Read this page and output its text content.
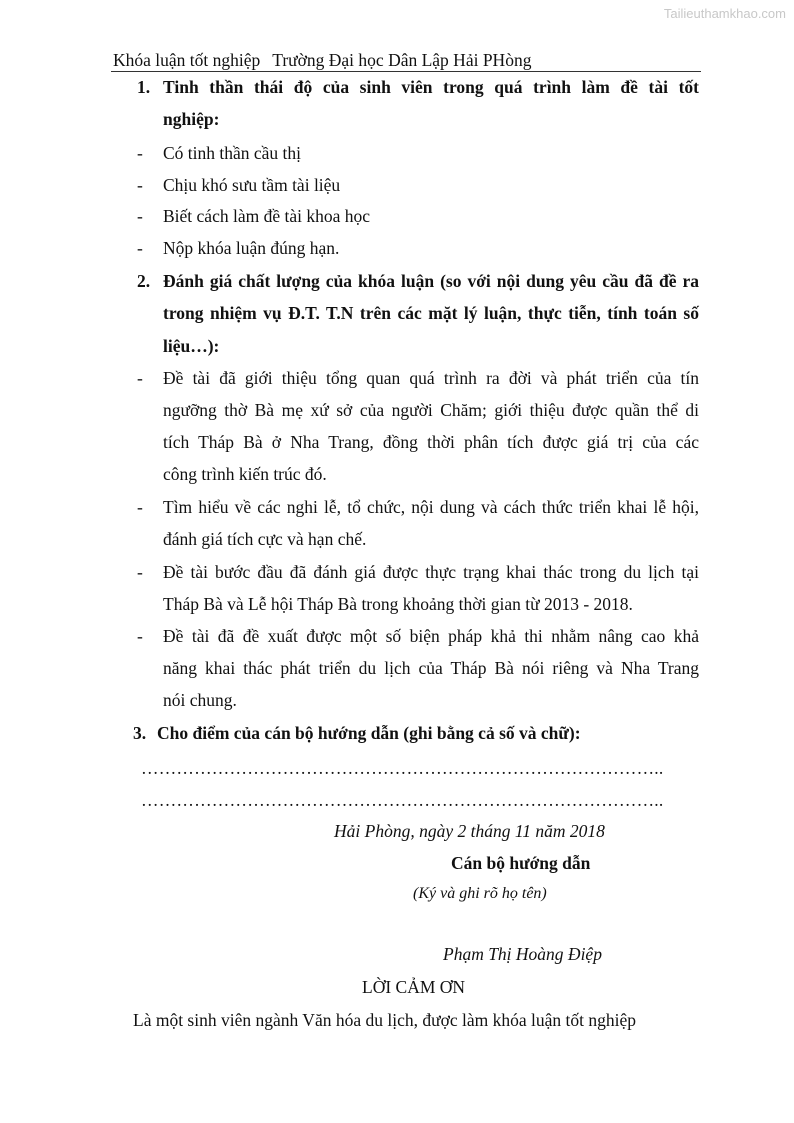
Tailieuthamkhao.com
Khóa luận tốt nghiệp Trường Đại học Dân Lập Hải PHòng
1. Tinh thần thái độ của sinh viên trong quá trình làm đề tài tốt
nghiệp:
- Có tinh thần cầu thị
- Chịu khó sưu tầm tài liệu
- Biết cách làm đề tài khoa học
- Nộp khóa luận đúng hạn.
2. Đánh giá chất lượng của khóa luận (so với nội dung yêu cầu đã đề ra
trong nhiệm vụ Đ.T. T.N trên các mặt lý luận, thực tiễn, tính toán số
liệu…):
- Đề tài đã giới thiệu tổng quan quá trình ra đời và phát triển của tín
ngưỡng thờ Bà mẹ xứ sở của người Chăm; giới thiệu được quần thể di
tích Tháp Bà ở Nha Trang, đồng thời phân tích được giá trị của các
công trình kiến trúc đó.
- Tìm hiểu về các nghi lễ, tổ chức, nội dung và cách thức triển khai lễ hội,
đánh giá tích cực và hạn chế.
- Đề tài bước đầu đã đánh giá được thực trạng khai thác trong du lịch tại
Tháp Bà và Lễ hội Tháp Bà trong khoảng thời gian từ 2013 - 2018.
- Đề tài đã đề xuất được một số biện pháp khả thi nhằm nâng cao khả
năng khai thác phát triển du lịch của Tháp Bà nói riêng và Nha Trang
nói chung.
3. Cho điểm của cán bộ hướng dẫn (ghi bằng cả số và chữ):
……………………………………………………………………………..
……………………………………………………………………………..
Hải Phòng, ngày 2 tháng 11 năm 2018
Cán bộ hướng dẫn
(Ký và ghi rõ họ tên)
Phạm Thị Hoàng Điệp
LỜI CẢM ƠN
Là một sinh viên ngành Văn hóa du lịch, được làm khóa luận tốt nghiệp
